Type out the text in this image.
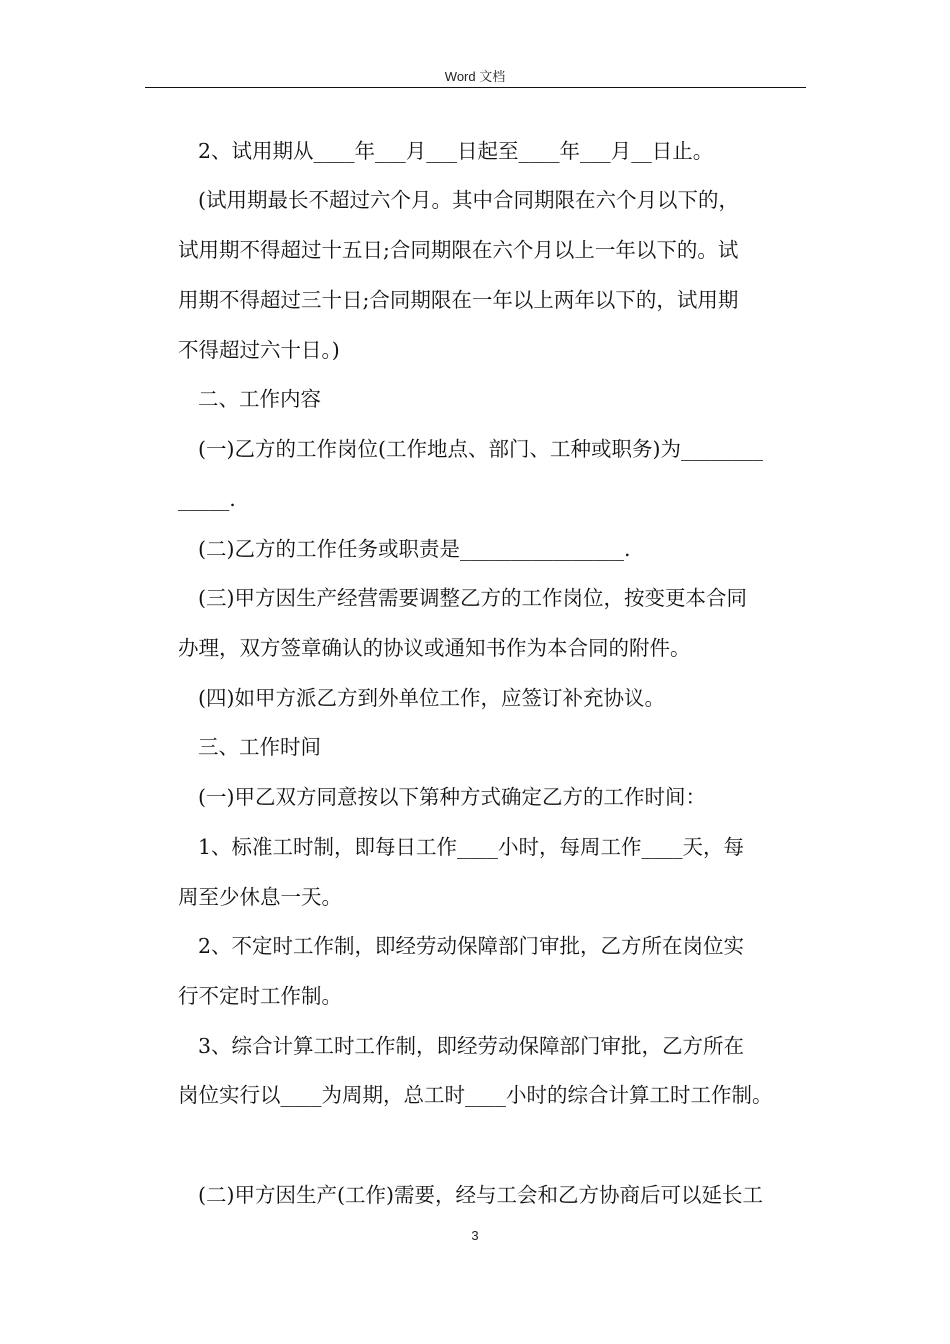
Word 文档
2、试用期从____年___月___日起至____年___月__日止。
(试用期最长不超过六个月。其中合同期限在六个月以下的，
试用期不得超过十五日;合同期限在六个月以上一年以下的。试
用期不得超过三十日;合同期限在一年以上两年以下的，试用期
不得超过六十日。)
二、工作内容
(一)乙方的工作岗位(工作地点、部门、工种或职务)为________
_____.
(二)乙方的工作任务或职责是________________.
(三)甲方因生产经营需要调整乙方的工作岗位，按变更本合同
办理，双方签章确认的协议或通知书作为本合同的附件。
(四)如甲方派乙方到外单位工作，应签订补充协议。
三、工作时间
(一)甲乙双方同意按以下第种方式确定乙方的工作时间：
1、标准工时制，即每日工作____小时，每周工作____天，每
周至少休息一天。
2、不定时工作制，即经劳动保障部门审批，乙方所在岗位实
行不定时工作制。
3、综合计算工时工作制，即经劳动保障部门审批，乙方所在
岗位实行以____为周期，总工时____小时的综合计算工时工作制。
(二)甲方因生产(工作)需要，经与工会和乙方协商后可以延长工
3
